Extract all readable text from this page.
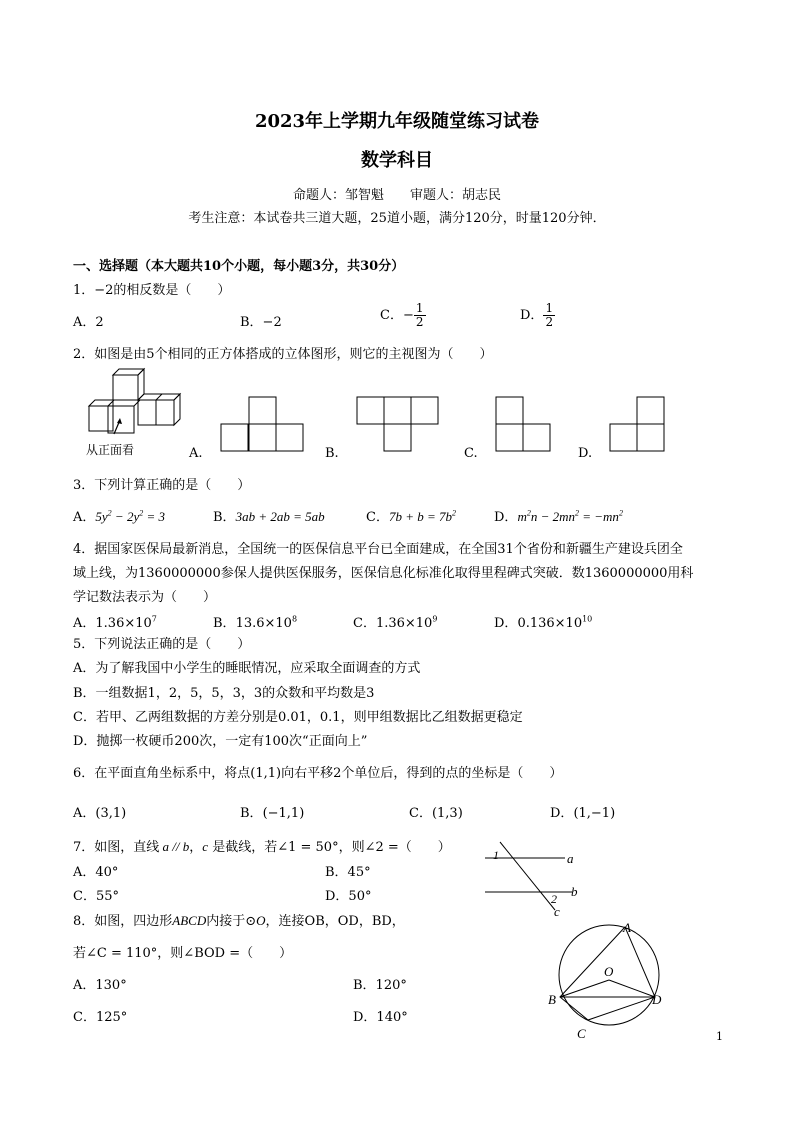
2023年上学期九年级随堂练习试卷
数学科目
命题人：邹智魁　　审题人：胡志民
考生注意：本试卷共三道大题，25道小题，满分120分，时量120分钟．
一、选择题（本大题共10个小题，每小题3分，共30分）
1．−2的相反数是（　　）
A．2	B．−2	C．− $\frac{1}{2}$	D． $\frac{1}{2}$
2．如图是由5个相同的正方体搭成的立体图形，则它的主视图为（　　）
从正面看	A.	B.	C.	D.
3．下列计算正确的是（　　）
A．$5y^2 - 2y^2 = 3$	B．3ab + 2ab = 5ab	C．$7b + b = 7b^2$	D．$m^2n - 2mn^2 = -mn^2$
4．据国家医保局最新消息，全国统一的医保信息平台已全面建成，在全国31个省份和新疆生产建设兵团全
域上线，为1360000000参保人提供医保服务，医保信息化标准化取得里程碑式突破．数1360000000用科
学记数法表示为（　　）
A．$1.36\times 10^7$	B．$13.6\times 10^8$	C．$1.36\times 10^9$	D．$0.136\times 10^{10}$
5．下列说法正确的是（　　）
A．为了解我国中小学生的睡眠情况，应采取全面调查的方式
B．一组数据1，2，5，5，3，3的众数和平均数是3
C．若甲、乙两组数据的方差分别是0.01，0.1，则甲组数据比乙组数据更稳定
D．抛掷一枚硬币200次，一定有100次“正面向上”
6．在平面直角坐标系中，将点(1,1)向右平移2个单位后，得到的点的坐标是（　　）
A．(3,1)	B．(−1,1)	C．(1,3)	D．(1,−1)
7．如图，直线 a // b，c 是截线，若∠1 = 50°，则∠2 =（　　）
A．40°	B．45°
C．55°	D．50°
1	a
b
2
c
8．如图，四边形ABCD内接于⊙O，连接OB，OD，BD，
若∠C = 110°，则∠BOD =（　　）
A．130°	B．120°
C．125°	D．140°
A
O
B	D
C	1
